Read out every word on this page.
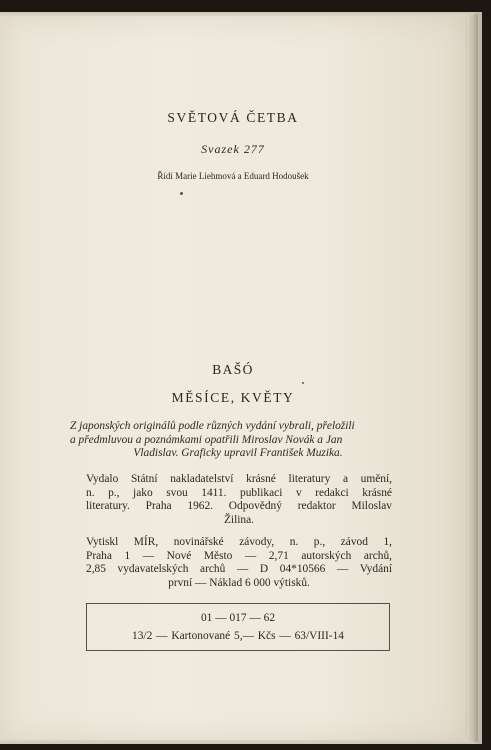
SVĚTOVÁ ČETBA
Svazek 277
Řídí Marie Liehmová a Eduard Hodoušek
BAŠÓ
MĚSÍCE, KVĚTY
Z japonských originálů podle různých vydání vybrali, přeložili
a předmluvou a poznámkami opatřili Miroslav Novák a Jan
Vladislav. Graficky upravil František Muzika.
Vydalo Státní nakladatelství krásné literatury a umění,
n. p., jako svou 1411. publikaci v redakci krásné
literatury. Praha 1962. Odpovědný redaktor Miloslav
Žilina.
Vytiskl MÍR, novinářské závody, n. p., závod 1,
Praha 1 — Nové Město — 2,71 autorských archů,
2,85 vydavatelských archů — D 04*10566 — Vydání
první — Náklad 6 000 výtisků.
01 — 017 — 62
13/2 — Kartonované 5,— Kčs — 63/VIII-14
